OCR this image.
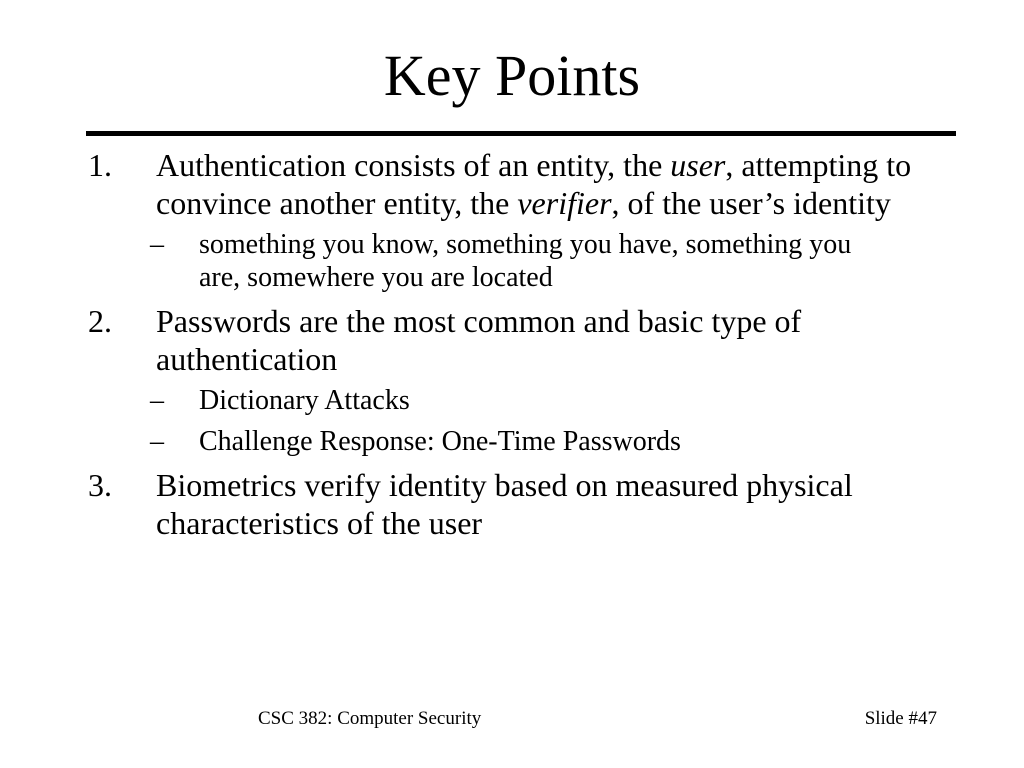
Key Points
1. Authentication consists of an entity, the user, attempting to convince another entity, the verifier, of the user’s identity
– something you know, something you have, something you are, somewhere you are located
2. Passwords are the most common and basic type of authentication
– Dictionary Attacks
– Challenge Response: One-Time Passwords
3. Biometrics verify identity based on measured physical characteristics of the user
CSC 382: Computer Security	Slide #47
